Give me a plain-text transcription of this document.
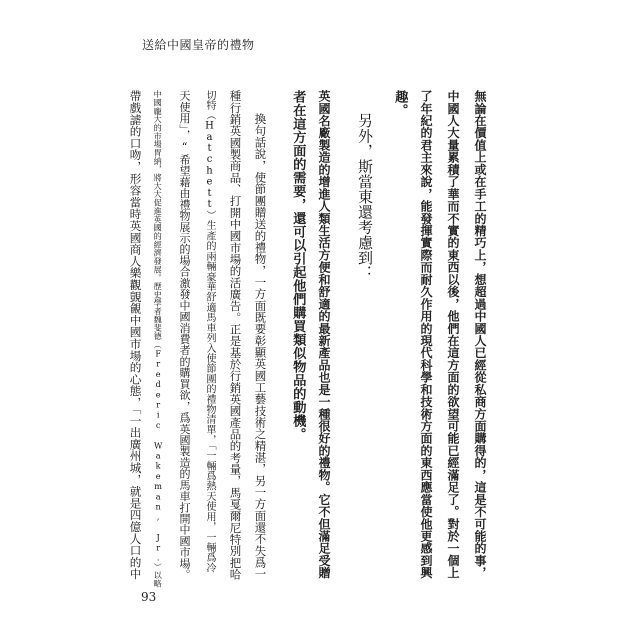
送給中國皇帝的禮物
無論在價值上或在手工的精巧上，想超過中國人已經從私商方面購得的，這是不可能的事，
中國人大量累積了華而不實的東西以後，他們在這方面的欲望可能已經滿足了。對於一個上
了年紀的君主來說，能發揮實際而耐久作用的現代科學和技術方面的東西應當使他更感到興
趣。
另外，斯當東還考慮到：
英國名廠製造的增進人類生活方便和舒適的最新產品也是一種很好的禮物。它不但滿足受贈
者在這方面的需要，還可以引起他們購買類似物品的動機。
換句話說，使節團贈送的禮物，一方面既要彰顯英國工藝技術之精湛，另一方面還不失爲一
種行銷英國製商品、打開中國市場的活廣告。正是基於行銷英國產品的考量，馬戛爾尼特別把哈
切特（Hatchett）生產的兩輛豪華舒適馬車列入使節團的禮物清單，「一輛爲熱天使用，一輛爲冷
天使用」，“希望藉由禮物展示的場合激發中國消費者的購買欲，爲英國製造的馬車打開中國市場。
中國龐大的市場胃納，將大大促進英國的經濟發展。歷史學者魏斐德（Frederic Wakeman, Jr.）以略
帶戲謔的口吻，形容當時英國商人樂觀覬覦中國市場的心態，「一出廣州城，就是四億人口的中
93
